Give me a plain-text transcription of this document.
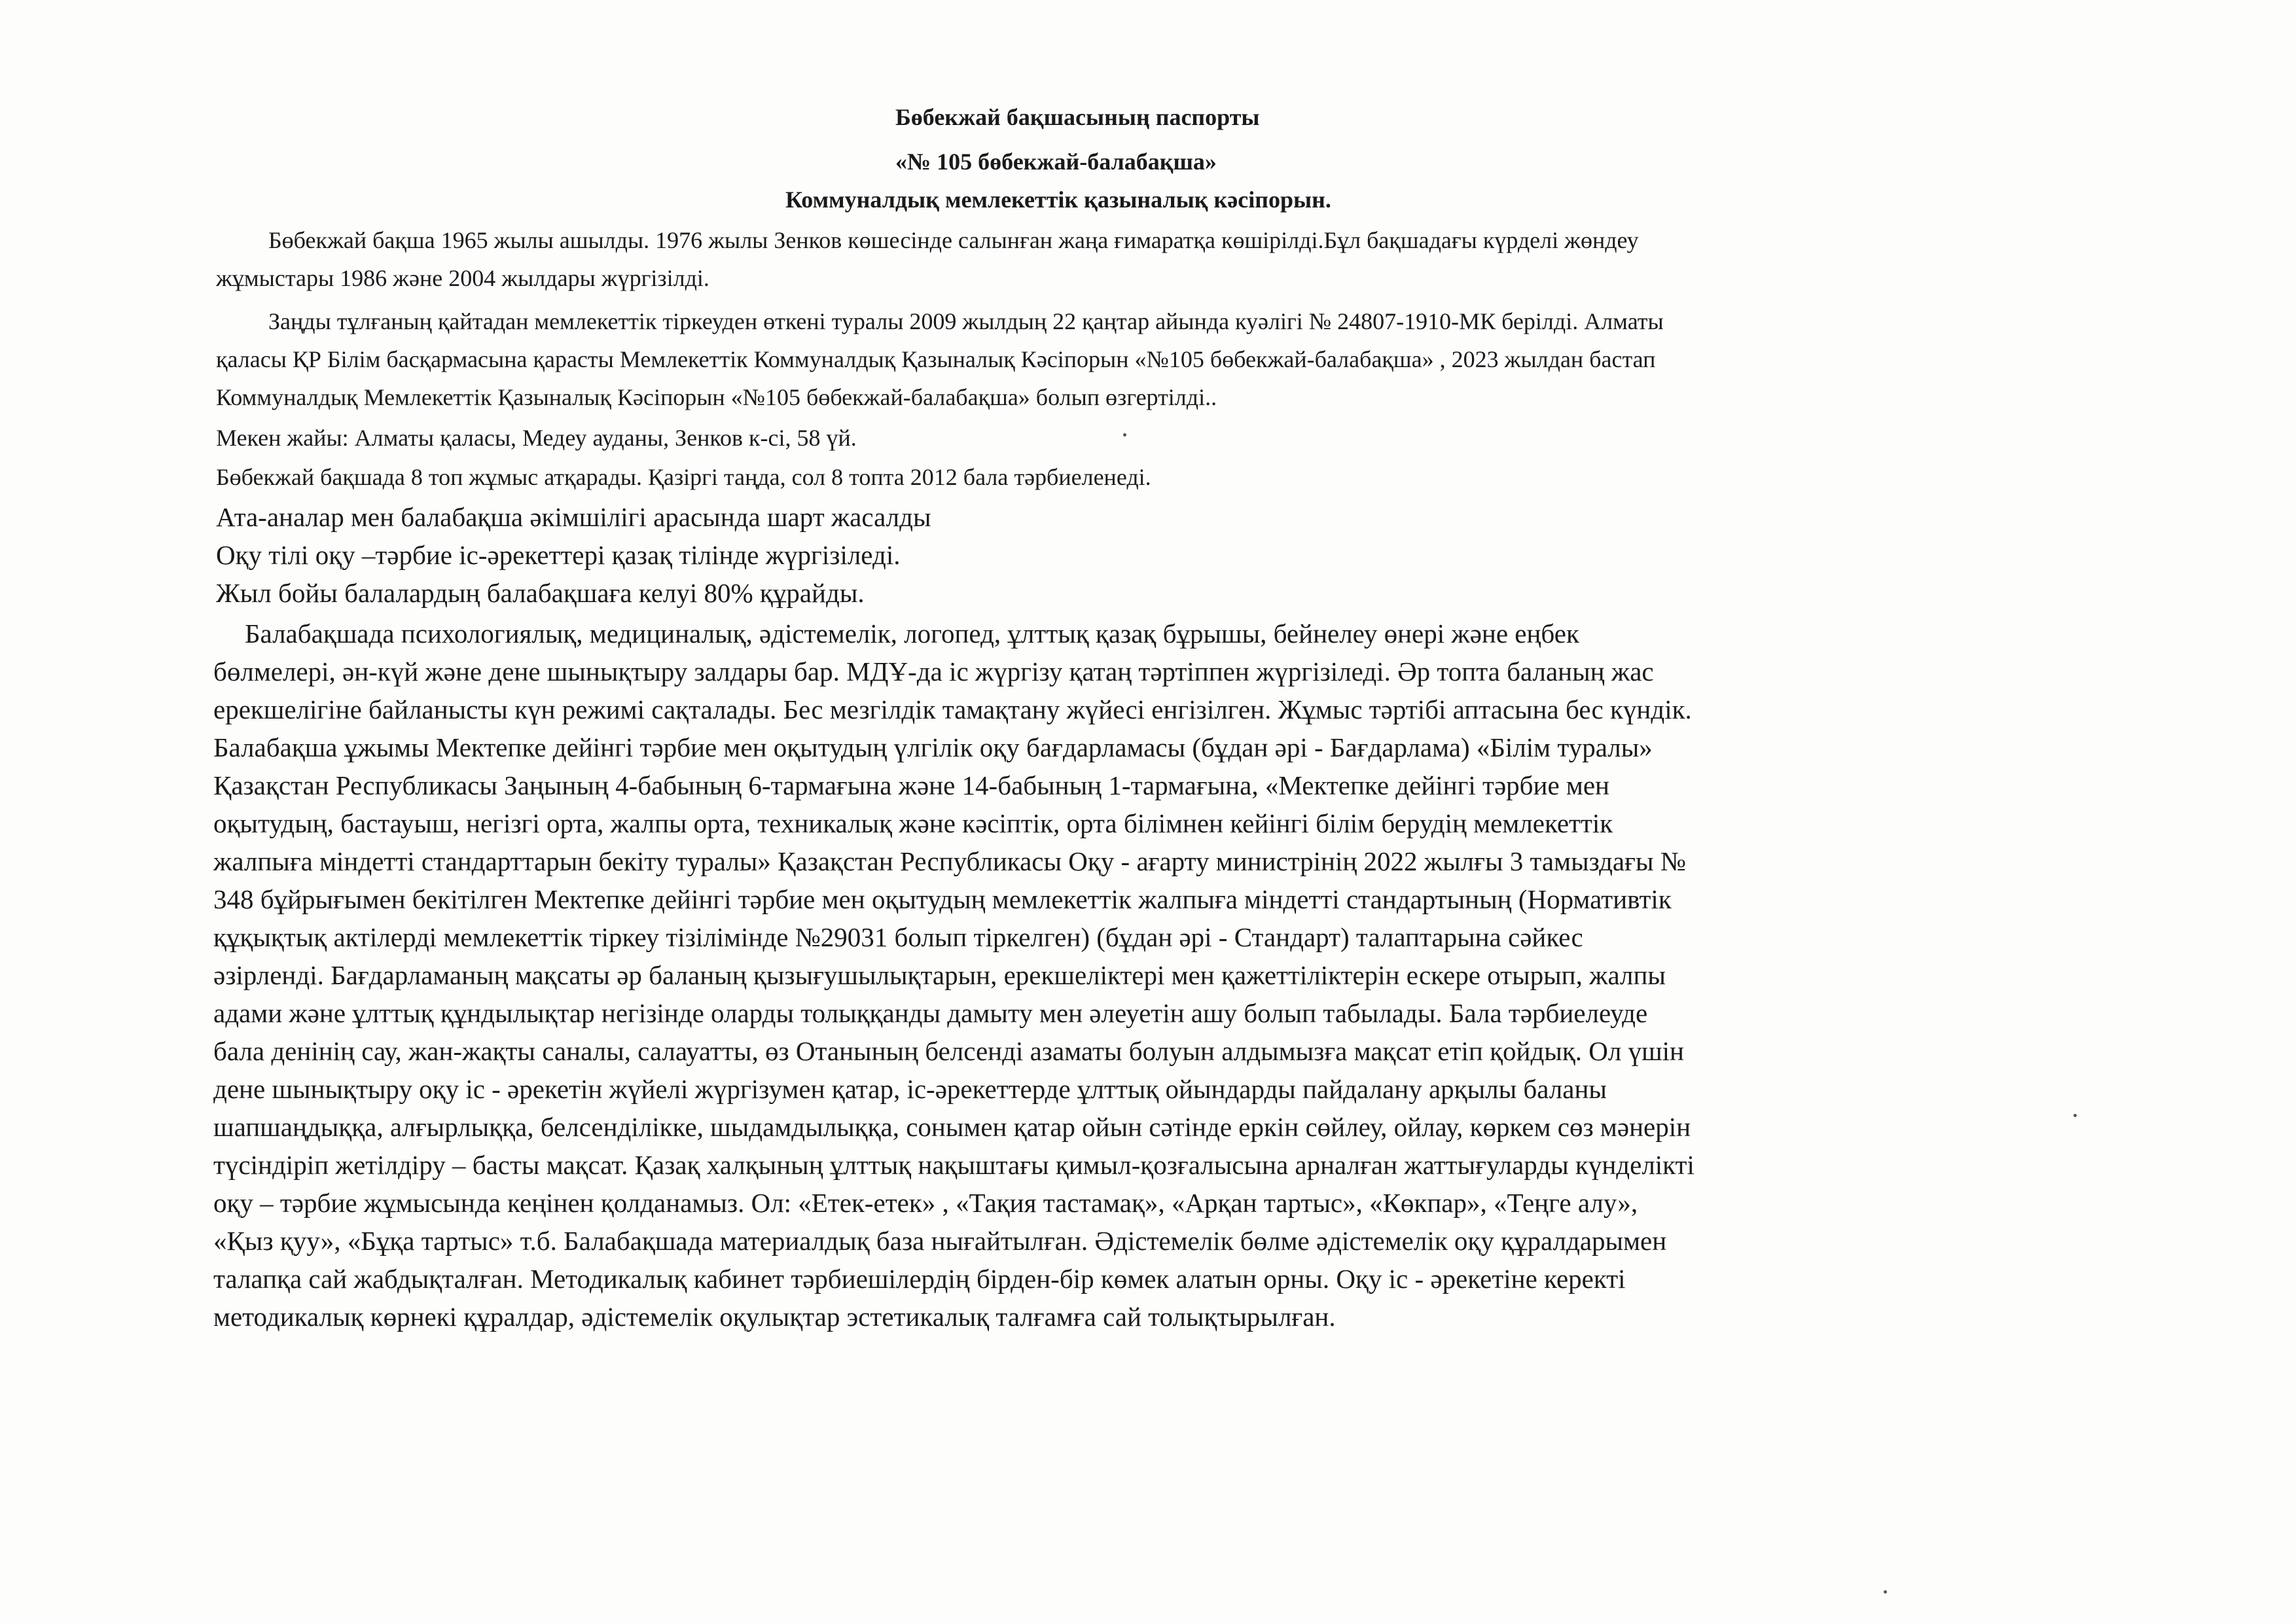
Бөбекжай бақшасының паспорты
«№ 105 бөбекжай-балабақша»
Коммуналдық мемлекеттік қазыналық кәсіпорын.
Бөбекжай бақша 1965 жылы ашылды. 1976 жылы Зенков көшесінде салынған жаңа ғимаратқа көшірілді.Бұл бақшадағы күрделі жөндеу
жұмыстары 1986 және 2004 жылдары жүргізілді.
Заңды тұлғаның қайтадан мемлекеттік тіркеуден өткені туралы 2009 жылдың 22 қаңтар айында куәлігі № 24807-1910-МК берілді. Алматы
қаласы ҚР Білім басқармасына қарасты Мемлекеттік Коммуналдық Қазыналық Кәсіпорын «№105 бөбекжай-балабақша» , 2023 жылдан бастап
Коммуналдық Мемлекеттік Қазыналық Кәсіпорын «№105 бөбекжай-балабақша» болып өзгертілді..
Мекен жайы: Алматы қаласы, Медеу ауданы, Зенков к-сі, 58 үй.
Бөбекжай бақшада 8 топ жұмыс атқарады. Қазіргі таңда, сол 8 топта 2012 бала тәрбиеленеді.
Ата-аналар мен балабақша әкімшілігі арасында шарт жасалды
Оқу тілі оқу –тәрбие іс-әрекеттері қазақ тілінде жүргізіледі.
Жыл бойы балалардың балабақшаға келуі 80% құрайды.
Балабақшада психологиялық, медициналық, әдістемелік, логопед, ұлттық қазақ бұрышы, бейнелеу өнері және еңбек
бөлмелері, ән-күй және дене шынықтыру залдары бар. МДҰ-да іс жүргізу қатаң тәртіппен жүргізіледі. Әр топта баланың жас
ерекшелігіне байланысты күн режимі сақталады. Бес мезгілдік тамақтану жүйесі енгізілген. Жұмыс тәртібі аптасына бес күндік.
Балабақша ұжымы Мектепке дейінгі тәрбие мен оқытудың үлгілік оқу бағдарламасы (бұдан әрі - Бағдарлама) «Білім туралы»
Қазақстан Республикасы Заңының 4-бабының 6-тармағына және 14-бабының 1-тармағына, «Мектепке дейінгі тәрбие мен
оқытудың, бастауыш, негізгі орта, жалпы орта, техникалық және кәсіптік, орта білімнен кейінгі білім берудің мемлекеттік
жалпыға міндетті стандарттарын бекіту туралы» Қазақстан Республикасы Оқу - ағарту министрінің 2022 жылғы 3 тамыздағы №
348 бұйрығымен бекітілген Мектепке дейінгі тәрбие мен оқытудың мемлекеттік жалпыға міндетті стандартының (Нормативтік
құқықтық актілерді мемлекеттік тіркеу тізілімінде №29031 болып тіркелген) (бұдан әрі - Стандарт) талаптарына сәйкес
әзірленді. Бағдарламаның мақсаты әр баланың қызығушылықтарын, ерекшеліктері мен қажеттіліктерін ескере отырып, жалпы
адами және ұлттық құндылықтар негізінде оларды толыққанды дамыту мен әлеуетін ашу болып табылады. Бала тәрбиелеуде
бала денінің сау, жан-жақты саналы, салауатты, өз Отанының белсенді азаматы болуын алдымызға мақсат етіп қойдық. Ол үшін
дене шынықтыру оқу іс - әрекетін жүйелі жүргізумен қатар, іс-әрекеттерде ұлттық ойындарды пайдалану арқылы баланы
шапшаңдыққа, алғырлыққа, белсенділікке, шыдамдылыққа, сонымен қатар ойын сәтінде еркін сөйлеу, ойлау, көркем сөз мәнерін
түсіндіріп жетілдіру – басты мақсат. Қазақ халқының ұлттық нақыштағы қимыл-қозғалысына арналған жаттығуларды күнделікті
оқу – тәрбие жұмысында кеңінен қолданамыз. Ол: «Етек-етек» , «Тақия тастамақ», «Арқан тартыс», «Көкпар», «Теңге алу»,
«Қыз қуу», «Бұқа тартыс» т.б. Балабақшада материалдық база нығайтылған. Әдістемелік бөлме әдістемелік оқу құралдарымен
талапқа сай жабдықталған. Методикалық кабинет тәрбиешілердің бірден-бір көмек алатын орны. Оқу іс - әрекетіне керекті
методикалық көрнекі құралдар, әдістемелік оқулықтар эстетикалық талғамға сай толықтырылған.
